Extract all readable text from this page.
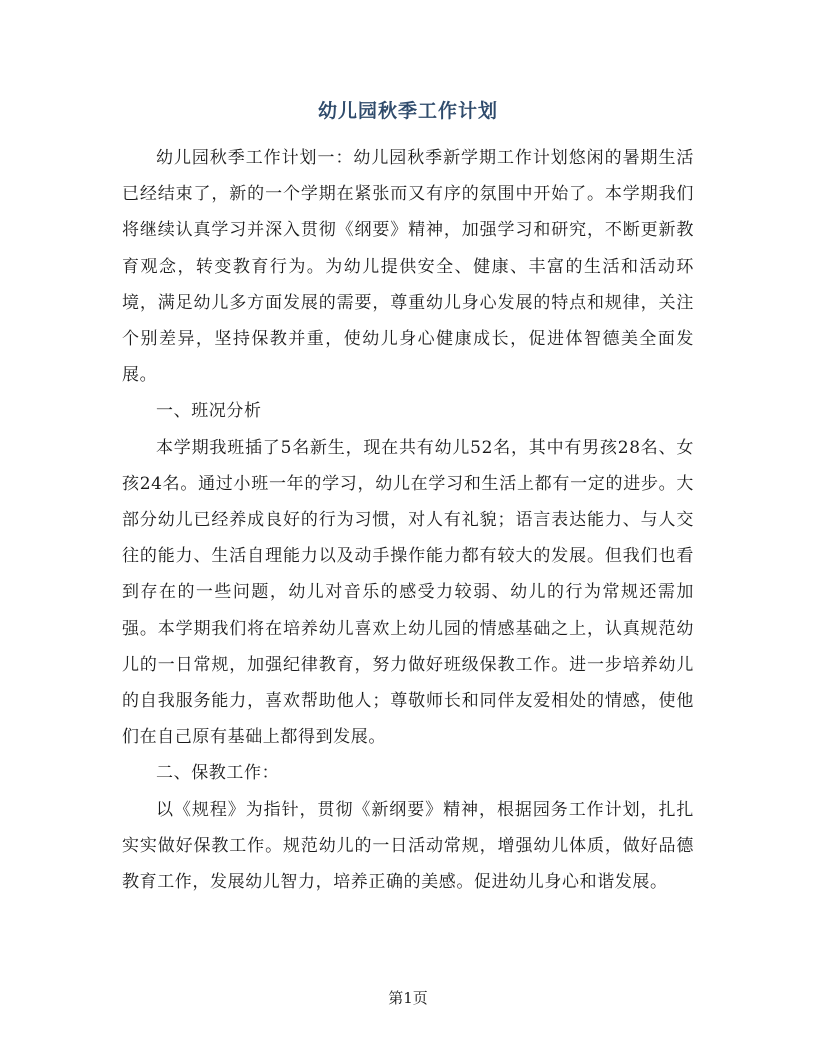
幼儿园秋季工作计划

幼儿园秋季工作计划一：幼儿园秋季新学期工作计划悠闲的暑期生活已经结束了，新的一个学期在紧张而又有序的氛围中开始了。本学期我们将继续认真学习并深入贯彻《纲要》精神，加强学习和研究，不断更新教育观念，转变教育行为。为幼儿提供安全、健康、丰富的生活和活动环境，满足幼儿多方面发展的需要，尊重幼儿身心发展的特点和规律，关注个别差异，坚持保教并重，使幼儿身心健康成长，促进体智德美全面发展。

一、班况分析

本学期我班插了5名新生，现在共有幼儿52名，其中有男孩28名、女孩24名。通过小班一年的学习，幼儿在学习和生活上都有一定的进步。大部分幼儿已经养成良好的行为习惯，对人有礼貌；语言表达能力、与人交往的能力、生活自理能力以及动手操作能力都有较大的发展。但我们也看到存在的一些问题，幼儿对音乐的感受力较弱、幼儿的行为常规还需加强。本学期我们将在培养幼儿喜欢上幼儿园的情感基础之上，认真规范幼儿的一日常规，加强纪律教育，努力做好班级保教工作。进一步培养幼儿的自我服务能力，喜欢帮助他人；尊敬师长和同伴友爱相处的情感，使他们在自己原有基础上都得到发展。

二、保教工作：

以《规程》为指针，贯彻《新纲要》精神，根据园务工作计划，扎扎实实做好保教工作。规范幼儿的一日活动常规，增强幼儿体质，做好品德教育工作，发展幼儿智力，培养正确的美感。促进幼儿身心和谐发展。

第1页
